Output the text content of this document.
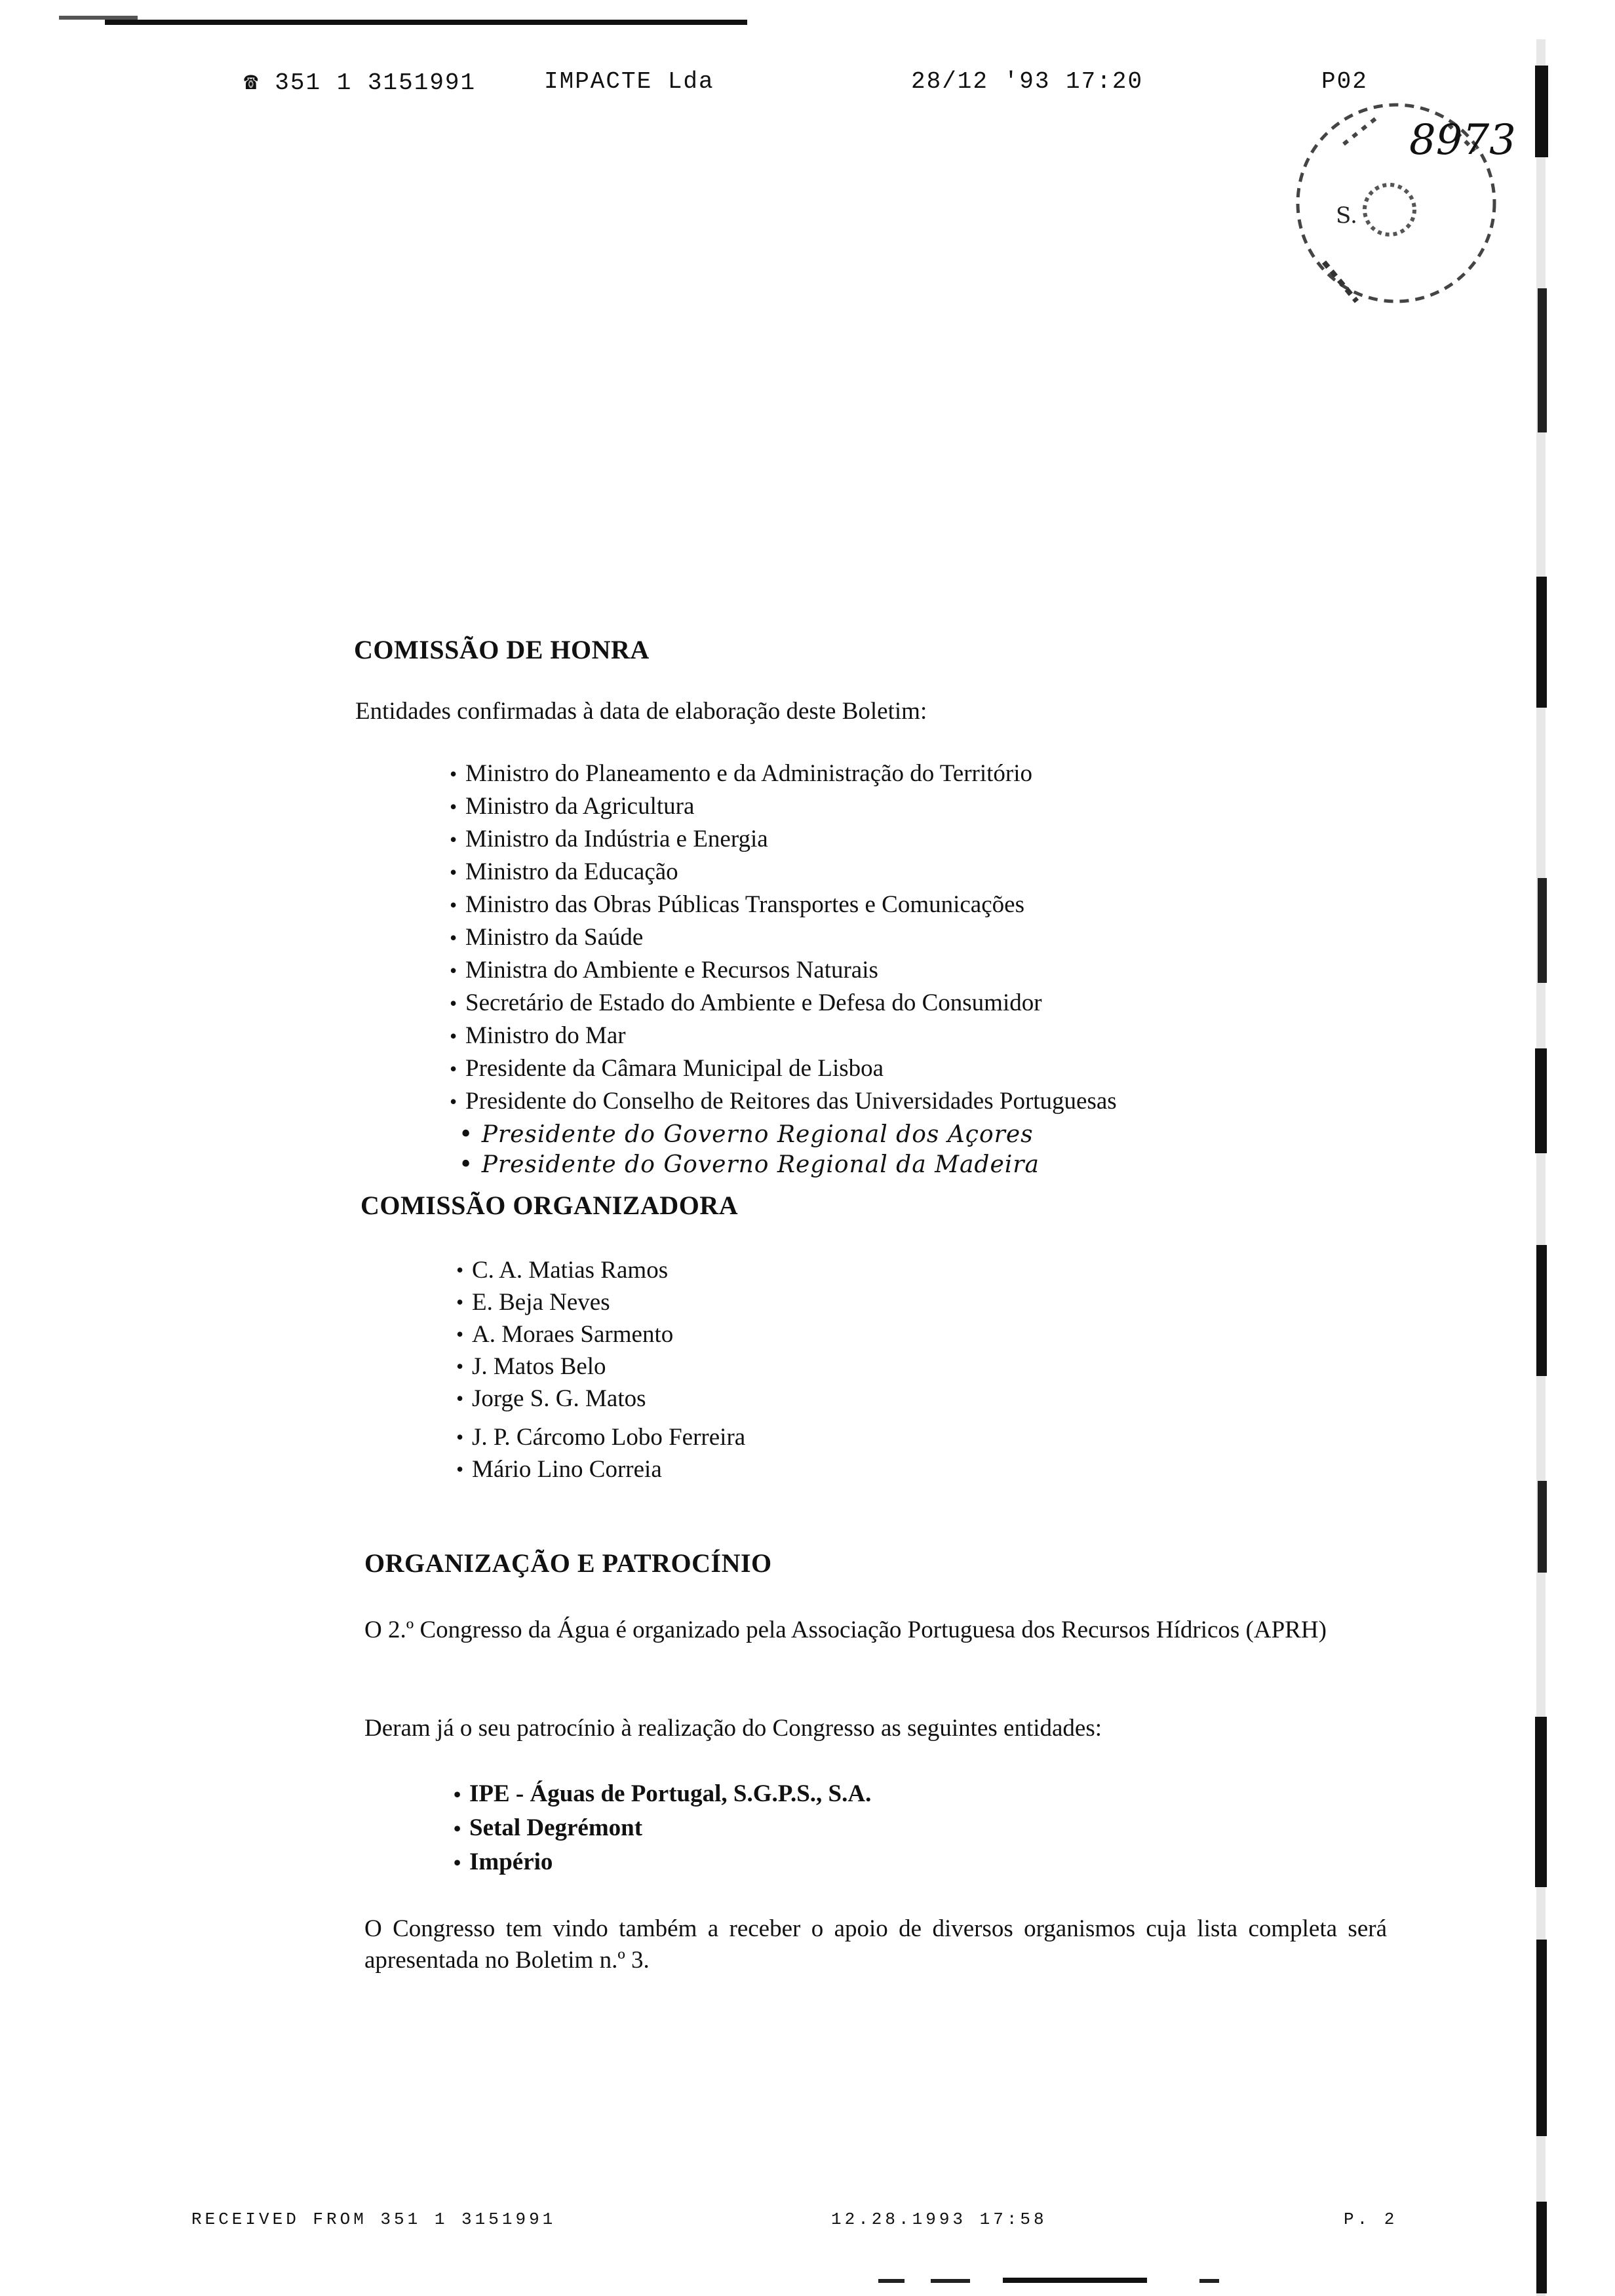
☎ 351 1 3151991	IMPACTE Lda	28/12 '93 17:20	P02
8973
S.
COMISSÃO DE HONRA
Entidades confirmadas à data de elaboração deste Boletim:
• Ministro do Planeamento e da Administração do Território
• Ministro da Agricultura
• Ministro da Indústria e Energia
• Ministro da Educação
• Ministro das Obras Públicas Transportes e Comunicações
• Ministro da Saúde
• Ministra do Ambiente e Recursos Naturais
• Secretário de Estado do Ambiente e Defesa do Consumidor
• Ministro do Mar
• Presidente da Câmara Municipal de Lisboa
• Presidente do Conselho de Reitores das Universidades Portuguesas
• Presidente do Governo Regional dos Açores
• Presidente do Governo Regional da Madeira
COMISSÃO ORGANIZADORA
• C. A. Matias Ramos
• E. Beja Neves
• A. Moraes Sarmento
• J. Matos Belo
• Jorge S. G. Matos
• J. P. Cárcomo Lobo Ferreira
• Mário Lino Correia
ORGANIZAÇÃO E PATROCÍNIO
O 2.º Congresso da Água é organizado pela Associação Portuguesa dos Recursos Hídricos (APRH)
Deram já o seu patrocínio à realização do Congresso as seguintes entidades:
• IPE - Águas de Portugal, S.G.P.S., S.A.
• Setal Degrémont
• Império
O Congresso tem vindo também a receber o apoio de diversos organismos cuja lista completa será apresentada no Boletim n.º 3.
RECEIVED FROM 351 1 3151991	12.28.1993 17:58	P. 2
